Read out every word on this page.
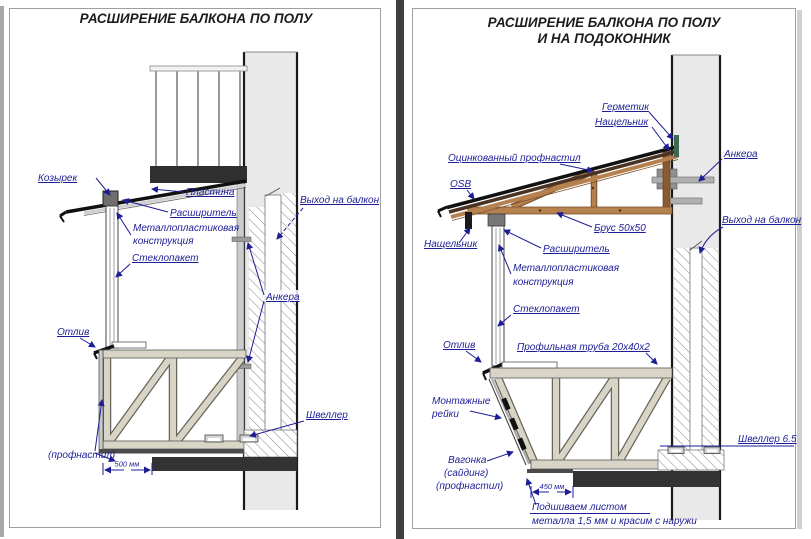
РАСШИРЕНИЕ БАЛКОНА ПО ПОЛУ
500 мм
Козырек
Пластина
Расширитель
Металлопластиковая
конструкция
Стеклопакет
Отлив
(профнастил)
Выход на балкон
Анкера
Швеллер
РАСШИРЕНИЕ БАЛКОНА ПО ПОЛУ
И НА ПОДОКОННИК
450 мм
Герметик
Нащельник
Оцинкованный профнастил
OSB
Анкера
Брус 50х50
Выход на балкон
Нащельник	Расширитель
Металлопластиковая
конструкция
Стеклопакет
Профильная труба 20х40х2
Отлив
Монтажные
рейки
Вагонка
(сайдинг)
(профнастил)
Швеллер 6.5
Подшиваем листом
металла 1,5 мм и красим с наружи
